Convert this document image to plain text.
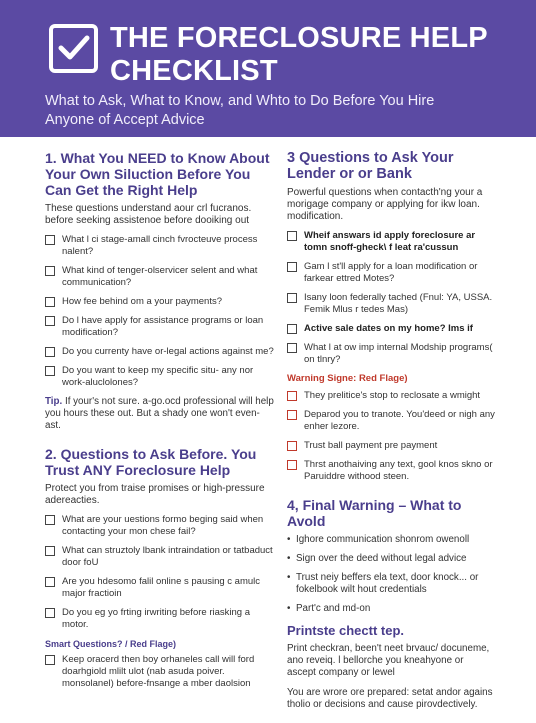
THE FORECLOSURE HELP CHECKLIST
What to Ask, What to Know, and Whto to Do Before You Hire Anyone of Accept Advice
1. What You NEED to Know About Your Own Siluction Before You Can Get the Right Help
These questions understand aour crl fucranos. before seeking assistenoe before dooiking out
What l ci stage-amall cinch fvrocteuve process nalent?
What kind of tenger-olservicer selent and what communication?
How fee behind om a your payments?
Do l have apply for assistance programs or loan modification?
Do you currenty have or-legal actions against me?
Do you want to keep my specific situ- any nor work-aluclolones?
Tip. If your's not sure. a-go.ocd professional will help you hours these out. But a shady one won't even-ast.
2. Questions to Ask Before. You Trust ANY Foreclosure Help
Protect you from traise promises or high-pressure adereacties.
What are your uestions formo beging said when contacting your mon chese fail?
What can struztoly lbank intraindation or tatbaduct door foU
Are you hdesomo falil online s pausing c amulc major fractioin
Do you eg yo frting irwriting before riasking a motor.
Smart Questions? / Red Flage)
Keep oracerd then boy orhaneles call will ford doarhgiold mlilt ulot (nab asuda poiver. monsolanel) before-fnsange a mber daolsion
3 Questions to Ask Your Lender or or Bank
Powerful questions when contacth'ng your a morigage company or applying for ikw loan. modification.
Wheif answars id apply foreclosure ar tomn snoff-gheck\ f leat ra'cussun
Gam l st'll apply for a loan modification or farkear ettred Motes?
Isany loon federally tached (Fnul: YA, USSA. Femik Mlus r tedes Mas)
Active sale dates on my home? Ims if
What l at ow imp internal Modship programs( on tlnry?
Warning Signe: Red Flage)
They prelitice's stop to reclosate a wmight
Deparod you to tranote. You'deed or nigh any enher lezore.
Trust ball payment pre payment
Thrst anothaiving any text, gool knos skno or Paruiddre withood steen.
4, Final Warning – What to Avold
• Ighore communication shonrom owenoll
• Sign over the deed without legal advice
• Trust neiy beffers ela text, door knock... or fokelbook wilt hout credentials
• Part'c and md-on
Printste chectt tep.
Print checkran, been't neet brvauc/ docuneme, ano reveiq. l bellorche you kneahyone or ascept company or lewel
You are wrore ore prepared: setat andor agains tholio or decisions and cause pirovdectively.
